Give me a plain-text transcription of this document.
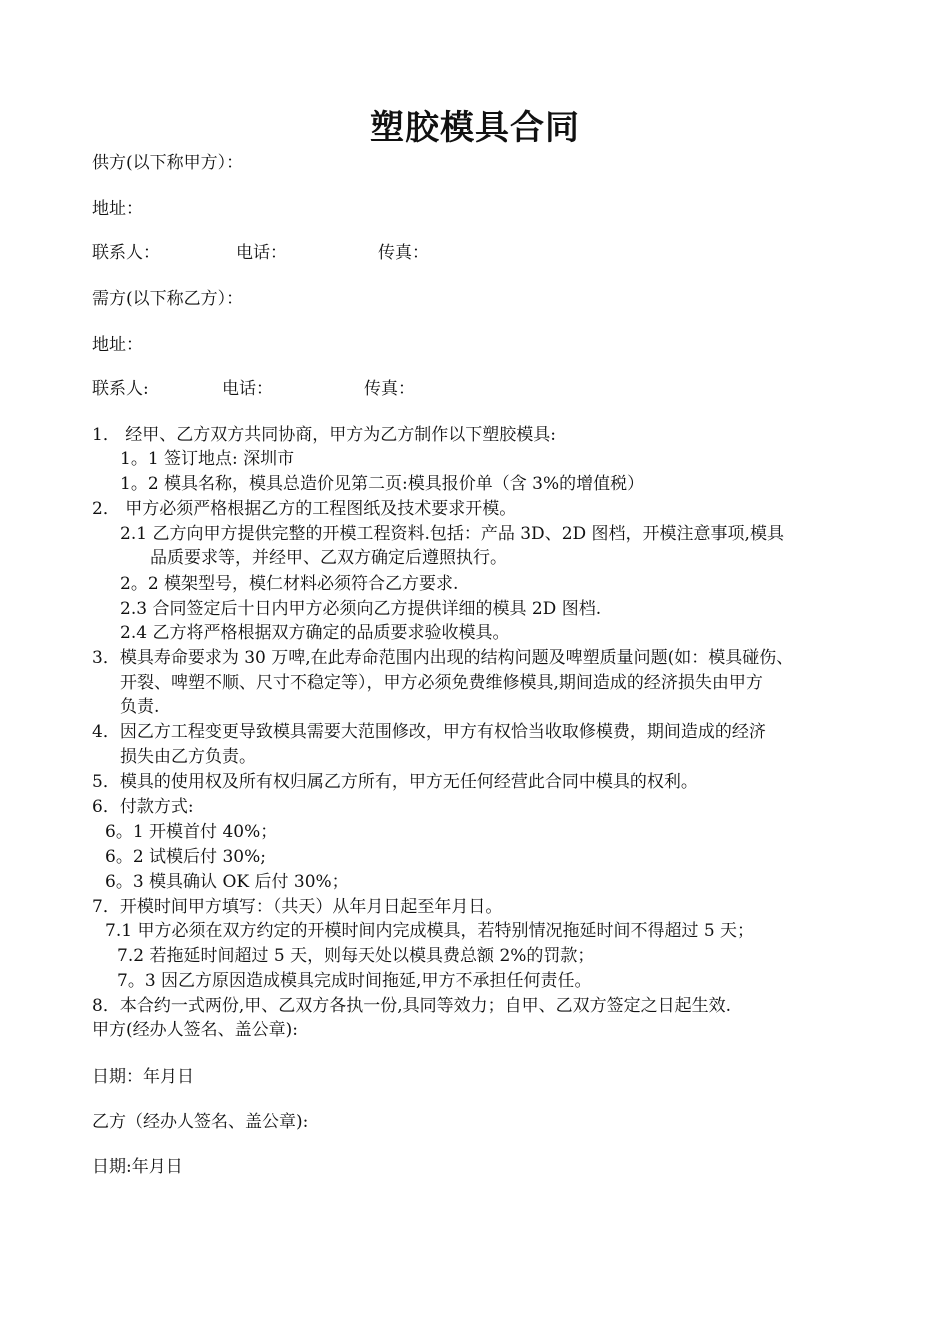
塑胶模具合同
供方(以下称甲方）：
地址：
联系人：	电话：	传真：
需方(以下称乙方）：
地址：
联系人:	电话：	传真：
1． 经甲、乙方双方共同协商，甲方为乙方制作以下塑胶模具:
1。1 签订地点: 深圳市
1。2 模具名称，模具总造价见第二页:模具报价单（含 3%的增值税）
2． 甲方必须严格根据乙方的工程图纸及技术要求开模。
2.1 乙方向甲方提供完整的开模工程资料.包括：产品 3D、2D 图档，开模注意事项,模具
品质要求等，并经甲、乙双方确定后遵照执行。
2。2 模架型号，模仁材料必须符合乙方要求.
2.3 合同签定后十日内甲方必须向乙方提供详细的模具 2D 图档.
2.4 乙方将严格根据双方确定的品质要求验收模具。
3．模具寿命要求为 30 万啤,在此寿命范围内出现的结构问题及啤塑质量问题(如：模具碰伤、
开裂、啤塑不顺、尺寸不稳定等），甲方必须免费维修模具,期间造成的经济损失由甲方
负责.
4．因乙方工程变更导致模具需要大范围修改，甲方有权恰当收取修模费，期间造成的经济
损失由乙方负责。
5．模具的使用权及所有权归属乙方所有，甲方无任何经营此合同中模具的权利。
6．付款方式:
6。1 开模首付 40%；
6。2 试模后付 30%;
6。3 模具确认 OK 后付 30%；
7．开模时间甲方填写：（共天）从年月日起至年月日。
7.1 甲方必须在双方约定的开模时间内完成模具，若特别情况拖延时间不得超过 5 天；
7.2 若拖延时间超过 5 天，则每天处以模具费总额 2%的罚款；
7。3 因乙方原因造成模具完成时间拖延,甲方不承担任何责任。
8．本合约一式两份,甲、乙双方各执一份,具同等效力；自甲、乙双方签定之日起生效.
甲方(经办人签名、盖公章):
日期：年月日
乙方（经办人签名、盖公章):
日期:年月日
